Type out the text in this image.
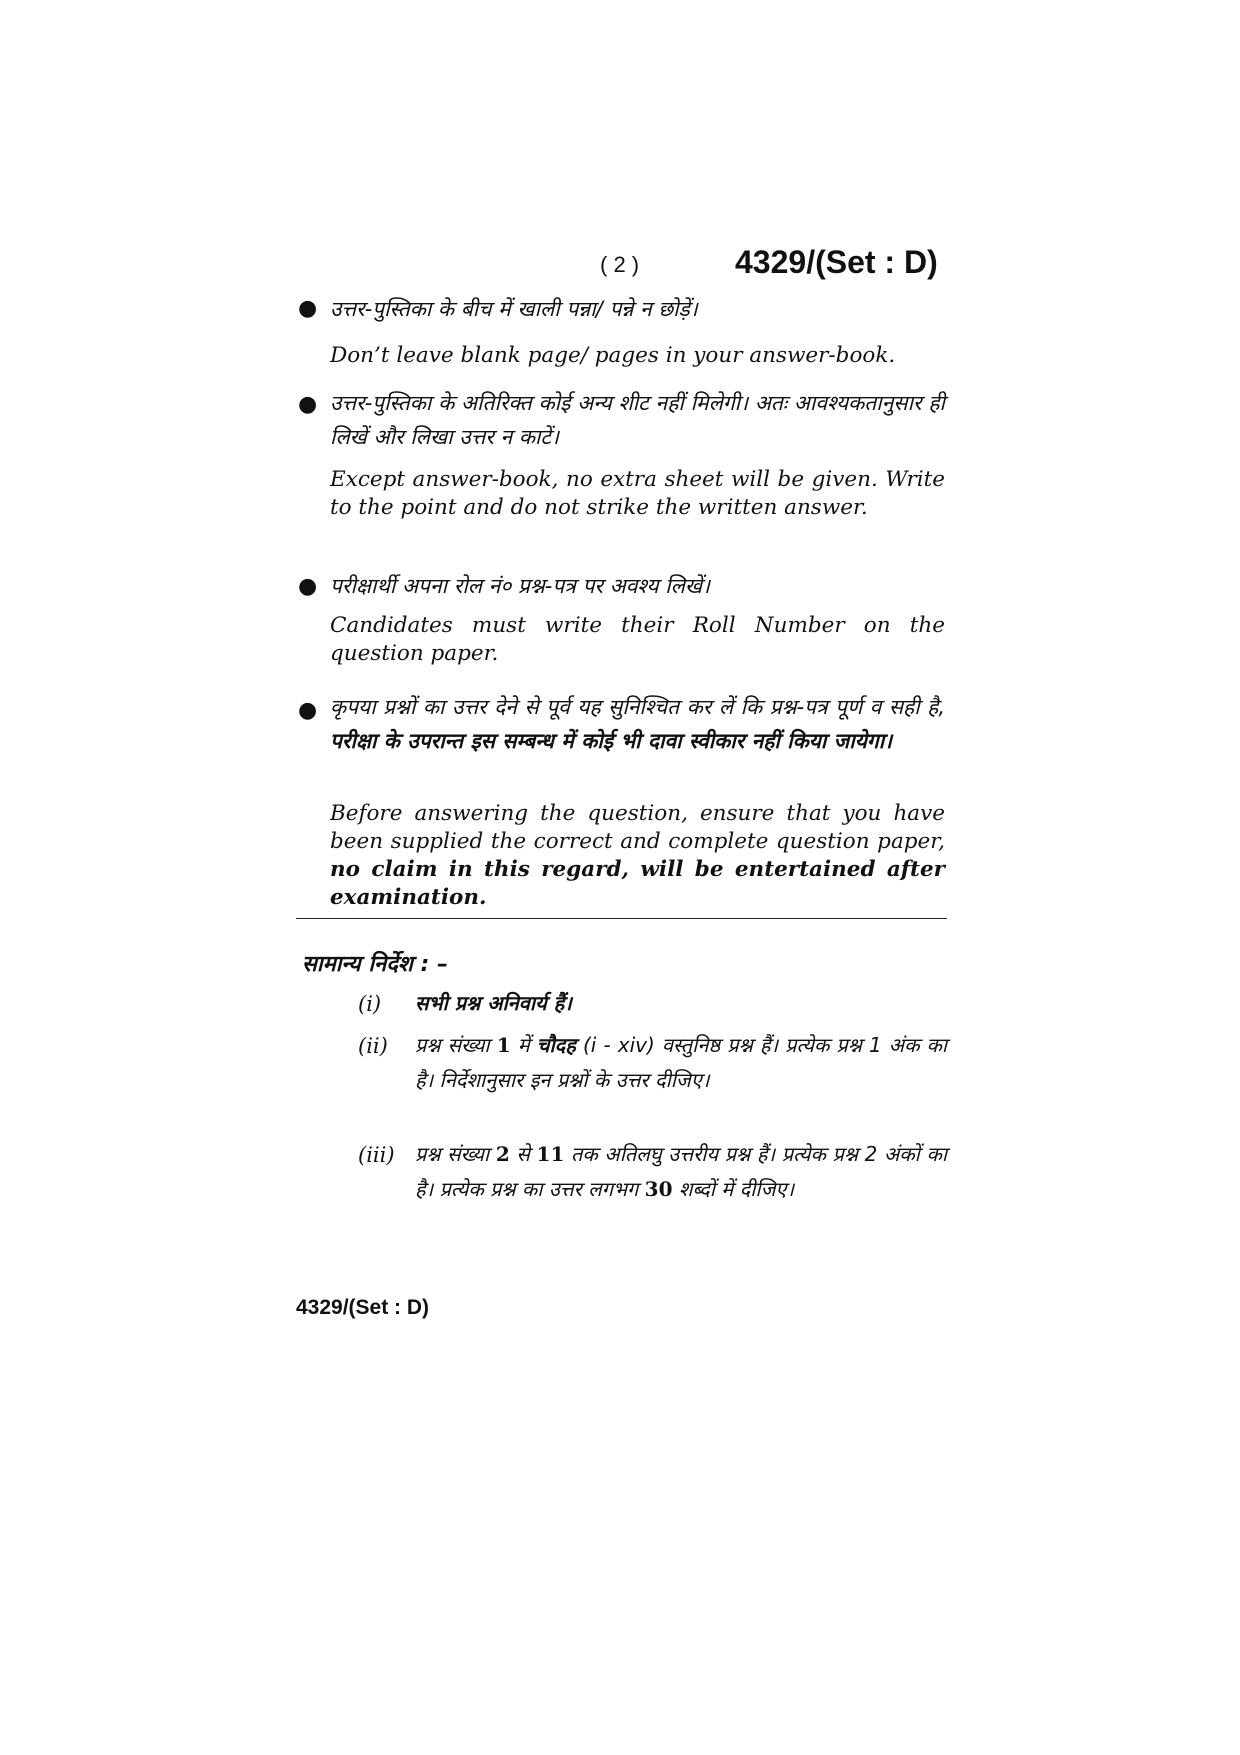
( 2 )	4329/(Set : D)
● उत्तर-पुस्तिका के बीच में खाली पन्ना/ पन्ने न छोड़ें।
Don’t leave blank page/ pages in your answer-book.
● उत्तर-पुस्तिका के अतिरिक्त कोई अन्य शीट नहीं मिलेगी। अतः आवश्यकतानुसार ही लिखें और लिखा उत्तर न काटें।
Except answer-book, no extra sheet will be given. Write to the point and do not strike the written answer.
● परीक्षार्थी अपना रोल नं० प्रश्न-पत्र पर अवश्य लिखें।
Candidates must write their Roll Number on the question paper.
● कृपया प्रश्नों का उत्तर देने से पूर्व यह सुनिश्चित कर लें कि प्रश्न-पत्र पूर्ण व सही है, परीक्षा के उपरान्त इस सम्बन्ध में कोई भी दावा स्वीकार नहीं किया जायेगा।
Before answering the question, ensure that you have been supplied the correct and complete question paper, no claim in this regard, will be entertained after examination.
सामान्य निर्देश : –
(i) सभी प्रश्न अनिवार्य हैं।
(ii) प्रश्न संख्या 1 में चौदह (i - xiv) वस्तुनिष्ठ प्रश्न हैं। प्रत्येक प्रश्न 1 अंक का है। निर्देशानुसार इन प्रश्नों के उत्तर दीजिए।
(iii) प्रश्न संख्या 2 से 11 तक अतिलघु उत्तरीय प्रश्न हैं। प्रत्येक प्रश्न 2 अंकों का है। प्रत्येक प्रश्न का उत्तर लगभग 30 शब्दों में दीजिए।
4329/(Set : D)
